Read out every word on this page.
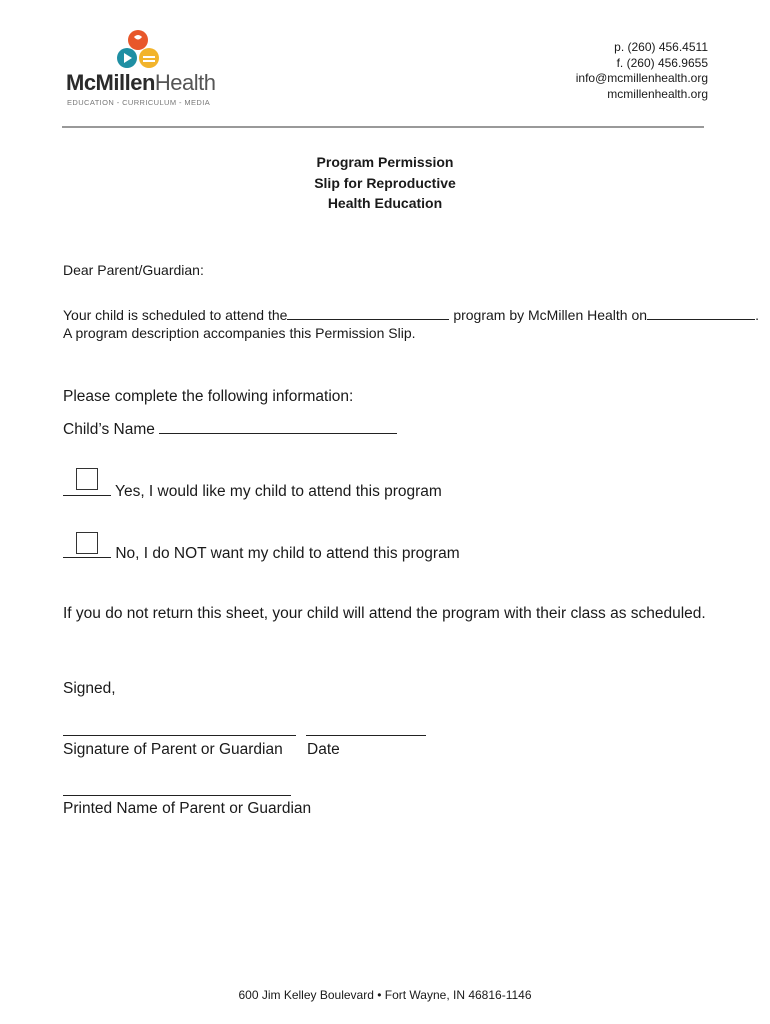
McMillenHealth
EDUCATION - CURRICULUM - MEDIA
p. (260) 456.4511
f. (260) 456.9655
info@mcmillenhealth.org
mcmillenhealth.org
Program Permission
Slip for Reproductive
Health Education
Dear Parent/Guardian:
Your child is scheduled to attend the	program by McMillen Health on	.
A program description accompanies this Permission Slip.
Please complete the following information:
Child’s Name
Yes, I would like my child to attend this program
No, I do NOT want my child to attend this program
If you do not return this sheet, your child will attend the program with their class as scheduled.
Signed,
Signature of Parent or Guardian Date
Printed Name of Parent or Guardian
600 Jim Kelley Boulevard • Fort Wayne, IN 46816-1146
